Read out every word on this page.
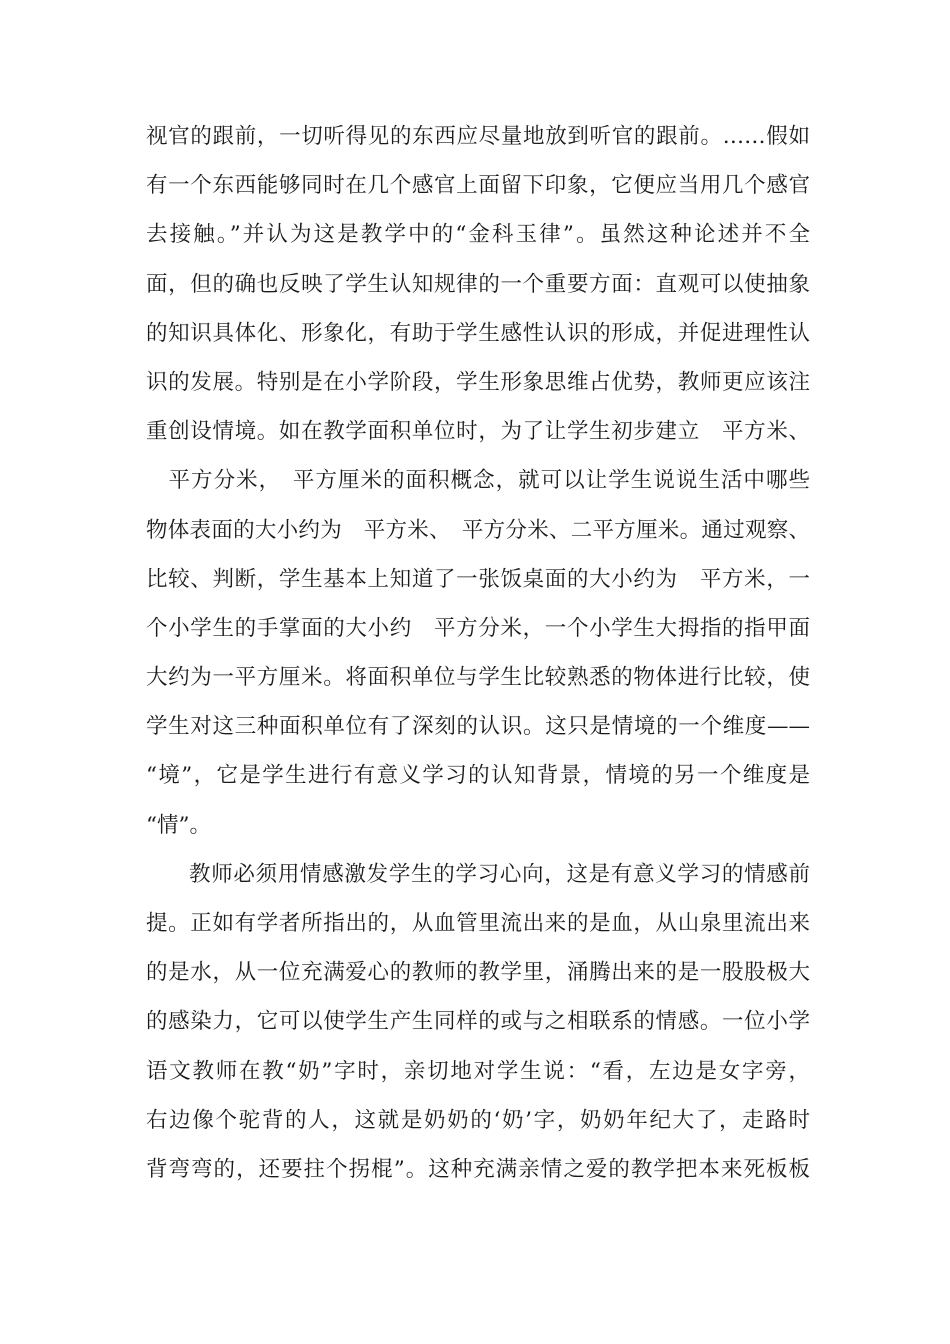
视官的跟前，一切听得见的东西应尽量地放到听官的跟前。……假如
有一个东西能够同时在几个感官上面留下印象，它便应当用几个感官
去接触。”并认为这是教学中的“金科玉律”。虽然这种论述并不全
面，但的确也反映了学生认知规律的一个重要方面：直观可以使抽象
的知识具体化、形象化，有助于学生感性认识的形成，并促进理性认
识的发展。特别是在小学阶段，学生形象思维占优势，教师更应该注
重创设情境。如在教学面积单位时，为了让学生初步建立　平方米、
　平方分米，　平方厘米的面积概念，就可以让学生说说生活中哪些
物体表面的大小约为　平方米、　平方分米、二平方厘米。通过观察、
比较、判断，学生基本上知道了一张饭桌面的大小约为　平方米，一
个小学生的手掌面的大小约　平方分米，一个小学生大拇指的指甲面
大约为一平方厘米。将面积单位与学生比较熟悉的物体进行比较，使
学生对这三种面积单位有了深刻的认识。这只是情境的一个维度——
“境”，它是学生进行有意义学习的认知背景，情境的另一个维度是
“情”。
教师必须用情感激发学生的学习心向，这是有意义学习的情感前
提。正如有学者所指出的，从血管里流出来的是血，从山泉里流出来
的是水，从一位充满爱心的教师的教学里，涌腾出来的是一股股极大
的感染力，它可以使学生产生同样的或与之相联系的情感。一位小学
语文教师在教“奶”字时，亲切地对学生说：“看，左边是女字旁，
右边像个驼背的人，这就是奶奶的‘奶’字，奶奶年纪大了，走路时
背弯弯的，还要拄个拐棍”。这种充满亲情之爱的教学把本来死板板
